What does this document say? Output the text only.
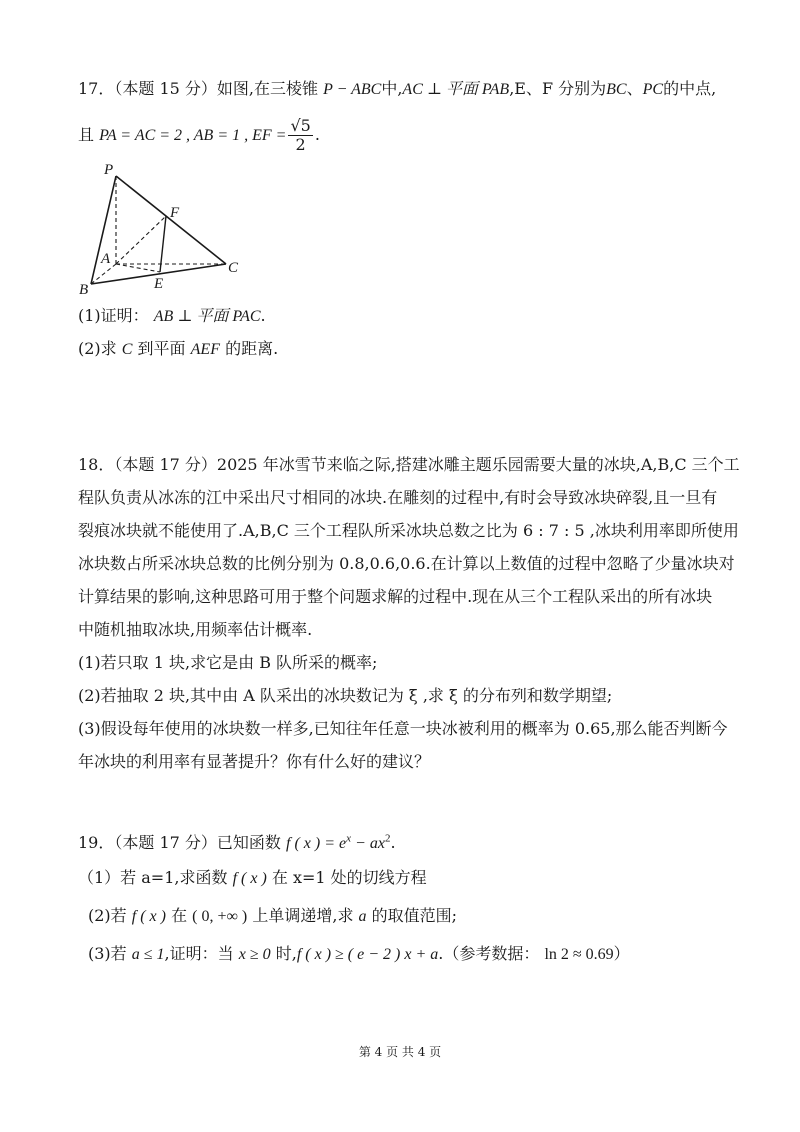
17．（本题 15 分）如图,在三棱锥 P − ABC中,AC ⊥ 平面 PAB,E、F 分别为BC、PC的中点,
且 PA = AC = 2 , AB = 1 , EF =
√ $\frac{5}{2}$ .
P
F
A
C
B	E
(1)证明： AB ⊥ 平面 PAC.
(2)求 C 到平面 AEF 的距离.
18．（本题 17 分）2025 年冰雪节来临之际,搭建冰雕主题乐园需要大量的冰块,A,B,C 三个工
程队负责从冰冻的江中采出尺寸相同的冰块.在雕刻的过程中,有时会导致冰块碎裂,且一旦有
裂痕冰块就不能使用了.A,B,C 三个工程队所采冰块总数之比为 6 : 7 : 5 ,冰块利用率即所使用
冰块数占所采冰块总数的比例分别为 0.8,0.6,0.6.在计算以上数值的过程中忽略了少量冰块对
计算结果的影响,这种思路可用于整个问题求解的过程中.现在从三个工程队采出的所有冰块
中随机抽取冰块,用频率估计概率.
(1)若只取 1 块,求它是由 B 队所采的概率;
(2)若抽取 2 块,其中由 A 队采出的冰块数记为 ξ ,求 ξ 的分布列和数学期望;
(3)假设每年使用的冰块数一样多,已知往年任意一块冰被利用的概率为 0.65,那么能否判断今
年冰块的利用率有显著提升？你有什么好的建议？
19．（本题 17 分）已知函数 f ( x ) = $e^x - ax^2$.
（1）若 a=1,求函数 f ( x ) 在 x=1 处的切线方程
(2)若 f ( x ) 在 ( 0, +∞ ) 上单调递增,求 a 的取值范围;
(3)若 a ≤ 1,证明：当 x ≥ 0 时,f ( x ) ≥ ( e − 2 ) x + a.（参考数据： ln 2 ≈ 0.69）
第 4 页 共 4 页
